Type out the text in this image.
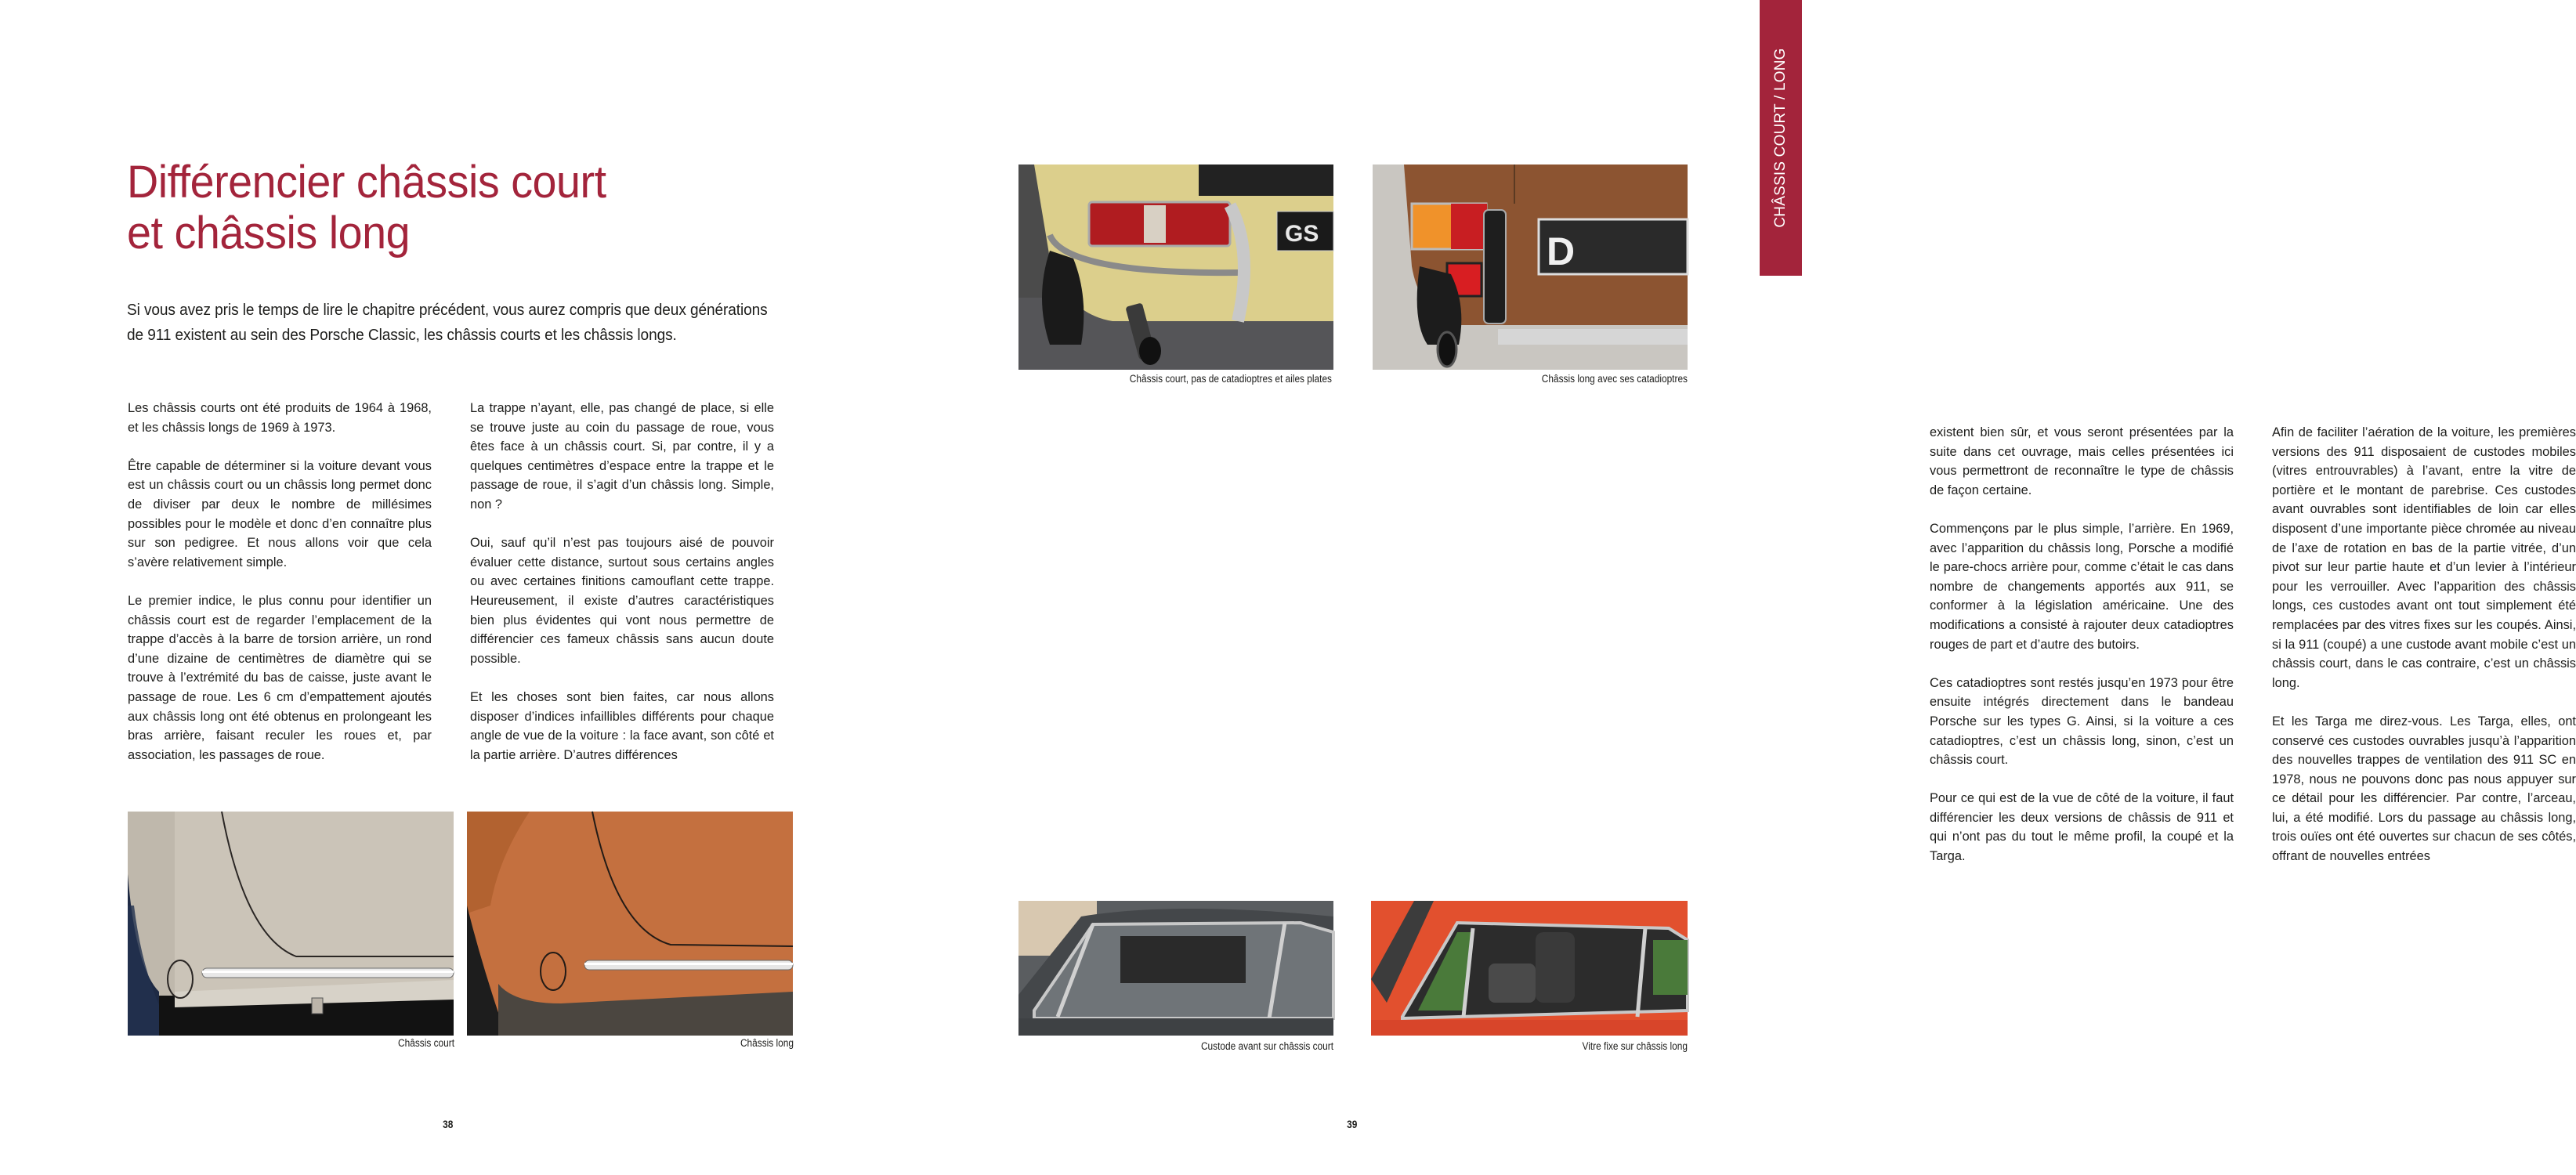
Différencier châssis court
et châssis long

Si vous avez pris le temps de lire le chapitre précédent, vous aurez compris que deux générations de 911 existent au sein des Porsche Classic, les châssis courts et les châssis longs.

Les châssis courts ont été produits de 1964 à 1968, et les châssis longs de 1969 à 1973.

Être capable de déterminer si la voiture devant vous est un châssis court ou un châssis long permet donc de diviser par deux le nombre de millésimes possibles pour le modèle et donc d’en connaître plus sur son pedigree. Et nous allons voir que cela s’avère relativement simple.

Le premier indice, le plus connu pour identifier un châssis court est de regarder l’emplacement de la trappe d’accès à la barre de torsion arrière, un rond d’une dizaine de centimètres de diamètre qui se trouve à l’extrémité du bas de caisse, juste avant le passage de roue. Les 6 cm d’empattement ajoutés aux châssis long ont été obtenus en prolongeant les bras arrière, faisant reculer les roues et, par association, les passages de roue.

La trappe n’ayant, elle, pas changé de place, si elle se trouve juste au coin du passage de roue, vous êtes face à un châssis court. Si, par contre, il y a quelques centimètres d’espace entre la trappe et le passage de roue, il s’agit d’un châssis long. Simple, non ?

Oui, sauf qu’il n’est pas toujours aisé de pouvoir évaluer cette distance, surtout sous certains angles ou avec certaines finitions camouflant cette trappe. Heureusement, il existe d’autres caractéristiques bien plus évidentes qui vont nous permettre de différencier ces fameux châssis sans aucun doute possible.

Et les choses sont bien faites, car nous allons disposer d’indices infaillibles différents pour chaque angle de vue de la voiture : la face avant, son côté et la partie arrière. D’autres différences

Châssis court	Châssis long
38
GS
Châssis court, pas de catadioptres et ailes plates
D
Châssis long avec ses catadioptres

existent bien sûr, et vous seront présentées par la suite dans cet ouvrage, mais celles présentées ici vous permettront de reconnaître le type de châssis de façon certaine.

Commençons par le plus simple, l’arrière. En 1969, avec l’apparition du châssis long, Porsche a modifié le pare-chocs arrière pour, comme c’était le cas dans nombre de changements apportés aux 911, se conformer à la législation américaine. Une des modifications a consisté à rajouter deux catadioptres rouges de part et d’autre des butoirs.

Ces catadioptres sont restés jusqu’en 1973 pour être ensuite intégrés directement dans le bandeau Porsche sur les types G. Ainsi, si la voiture a ces catadioptres, c’est un châssis long, sinon, c’est un châssis court.

Pour ce qui est de la vue de côté de la voiture, il faut différencier les deux versions de châssis de 911 et qui n’ont pas du tout le même profil, la coupé et la Targa.

Afin de faciliter l’aération de la voiture, les premières versions des 911 disposaient de custodes mobiles (vitres entrouvrables) à l’avant, entre la vitre de portière et le montant de parebrise. Ces custodes avant ouvrables sont identifiables de loin car elles disposent d’une importante pièce chromée au niveau de l’axe de rotation en bas de la partie vitrée, d’un pivot sur leur partie haute et d’un levier à l’intérieur pour les verrouiller. Avec l’apparition des châssis longs, ces custodes avant ont tout simplement été remplacées par des vitres fixes sur les coupés. Ainsi, si la 911 (coupé) a une custode avant mobile c’est un châssis court, dans le cas contraire, c’est un châssis long.

Et les Targa me direz-vous. Les Targa, elles, ont conservé ces custodes ouvrables jusqu’à l’apparition des nouvelles trappes de ventilation des 911 SC en 1978, nous ne pouvons donc pas nous appuyer sur ce détail pour les différencier. Par contre, l’arceau, lui, a été modifié. Lors du passage au châssis long, trois ouïes ont été ouvertes sur chacun de ses côtés, offrant de nouvelles entrées

Custode avant sur châssis court	Vitre fixe sur châssis long
39
CHÂSSIS COURT / LONG
